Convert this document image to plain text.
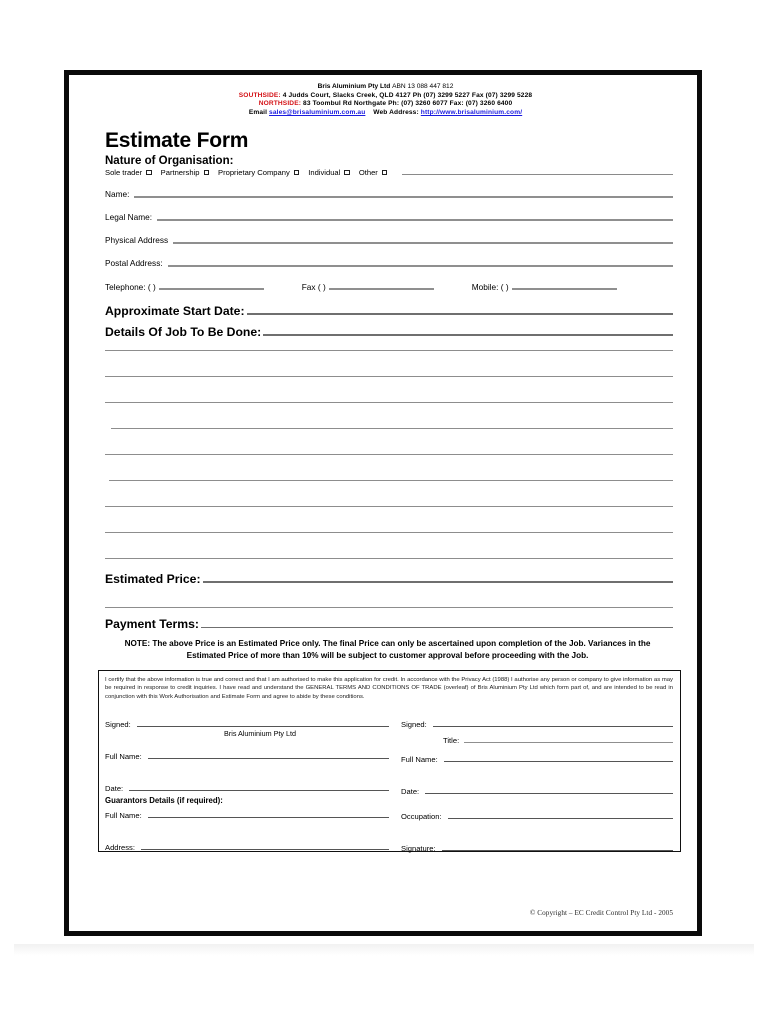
Bris Aluminium Pty Ltd ABN 13 088 447 812
SOUTHSIDE: 4 Judds Court, Slacks Creek, QLD 4127 Ph (07) 3299 5227 Fax (07) 3299 5228
NORTHSIDE: 83 Toombul Rd Northgate Ph: (07) 3260 6077 Fax: (07) 3260 6400
Email sales@brisaluminium.com.au Web Address: http://www.brisaluminium.com/
Estimate Form
Nature of Organisation:
Sole trader Partnership Proprietary Company Individual Other
Name:
Legal Name:
Physical Address
Postal Address:
Telephone: ( )	Fax ( )	Mobile: ( )
Approximate Start Date:
Details Of Job To Be Done:
Estimated Price:
Payment Terms:
NOTE: The above Price is an Estimated Price only. The final Price can only be ascertained upon completion of the Job. Variances in the Estimated Price of more than 10% will be subject to customer approval before proceeding with the Job.
I certify that the above information is true and correct and that I am authorised to make this application for credit. In accordance with the Privacy Act (1988) I authorise any person or company to give information as may be required in response to credit inquiries. I have read and understand the GENERAL TERMS AND CONDITIONS OF TRADE (overleaf) of Bris Aluminium Pty Ltd which form part of, and are intended to be read in conjunction with this Work Authorisation and Estimate Form and agree to abide by these conditions.
Signed:
Bris Aluminium Pty Ltd
Full Name:
Date:
Guarantors Details (if required):
Full Name:
Address:
Signed:
Title:
Full Name:
Date:
Occupation:
Signature:
© Copyright – EC Credit Control Pty Ltd - 2005
